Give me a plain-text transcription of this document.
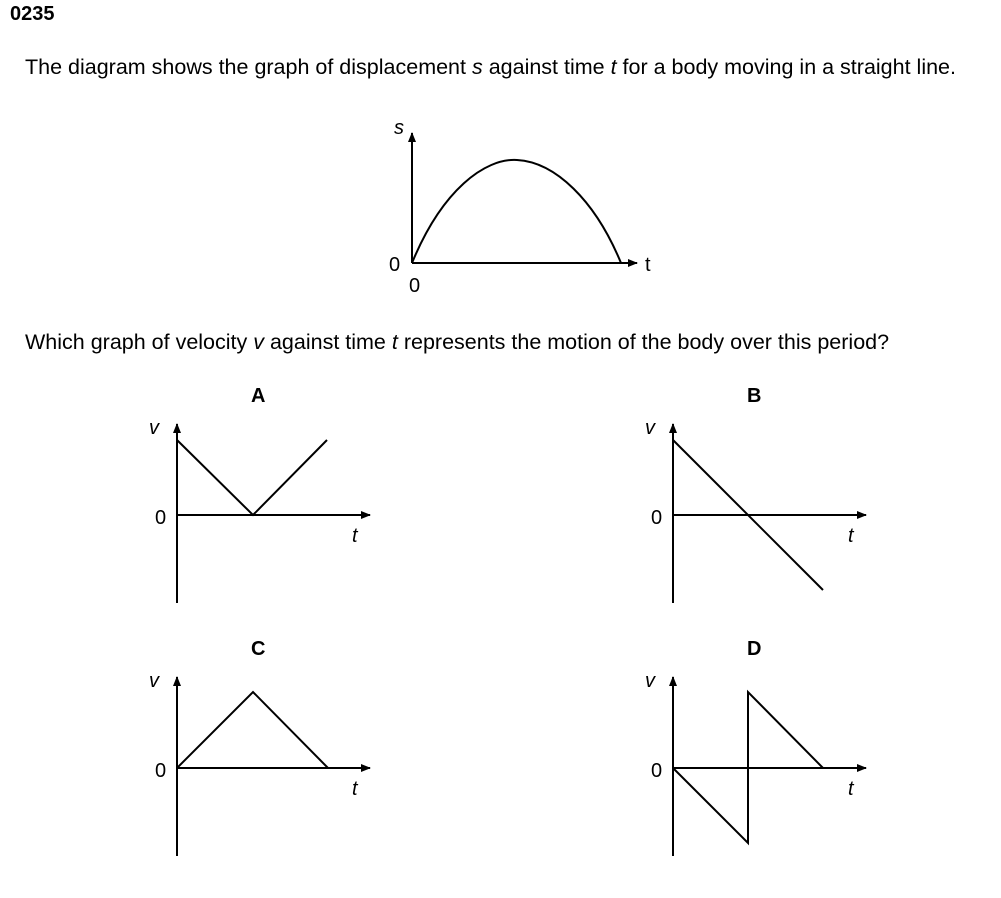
0235

The diagram shows the graph of displacement s against time t for a body moving in a straight line.

Which graph of velocity v against time t represents the motion of the body over this period?

s
t
0
0
A
v
0
t
B
v
0
t
C
v
0
t
D
v
0
t
